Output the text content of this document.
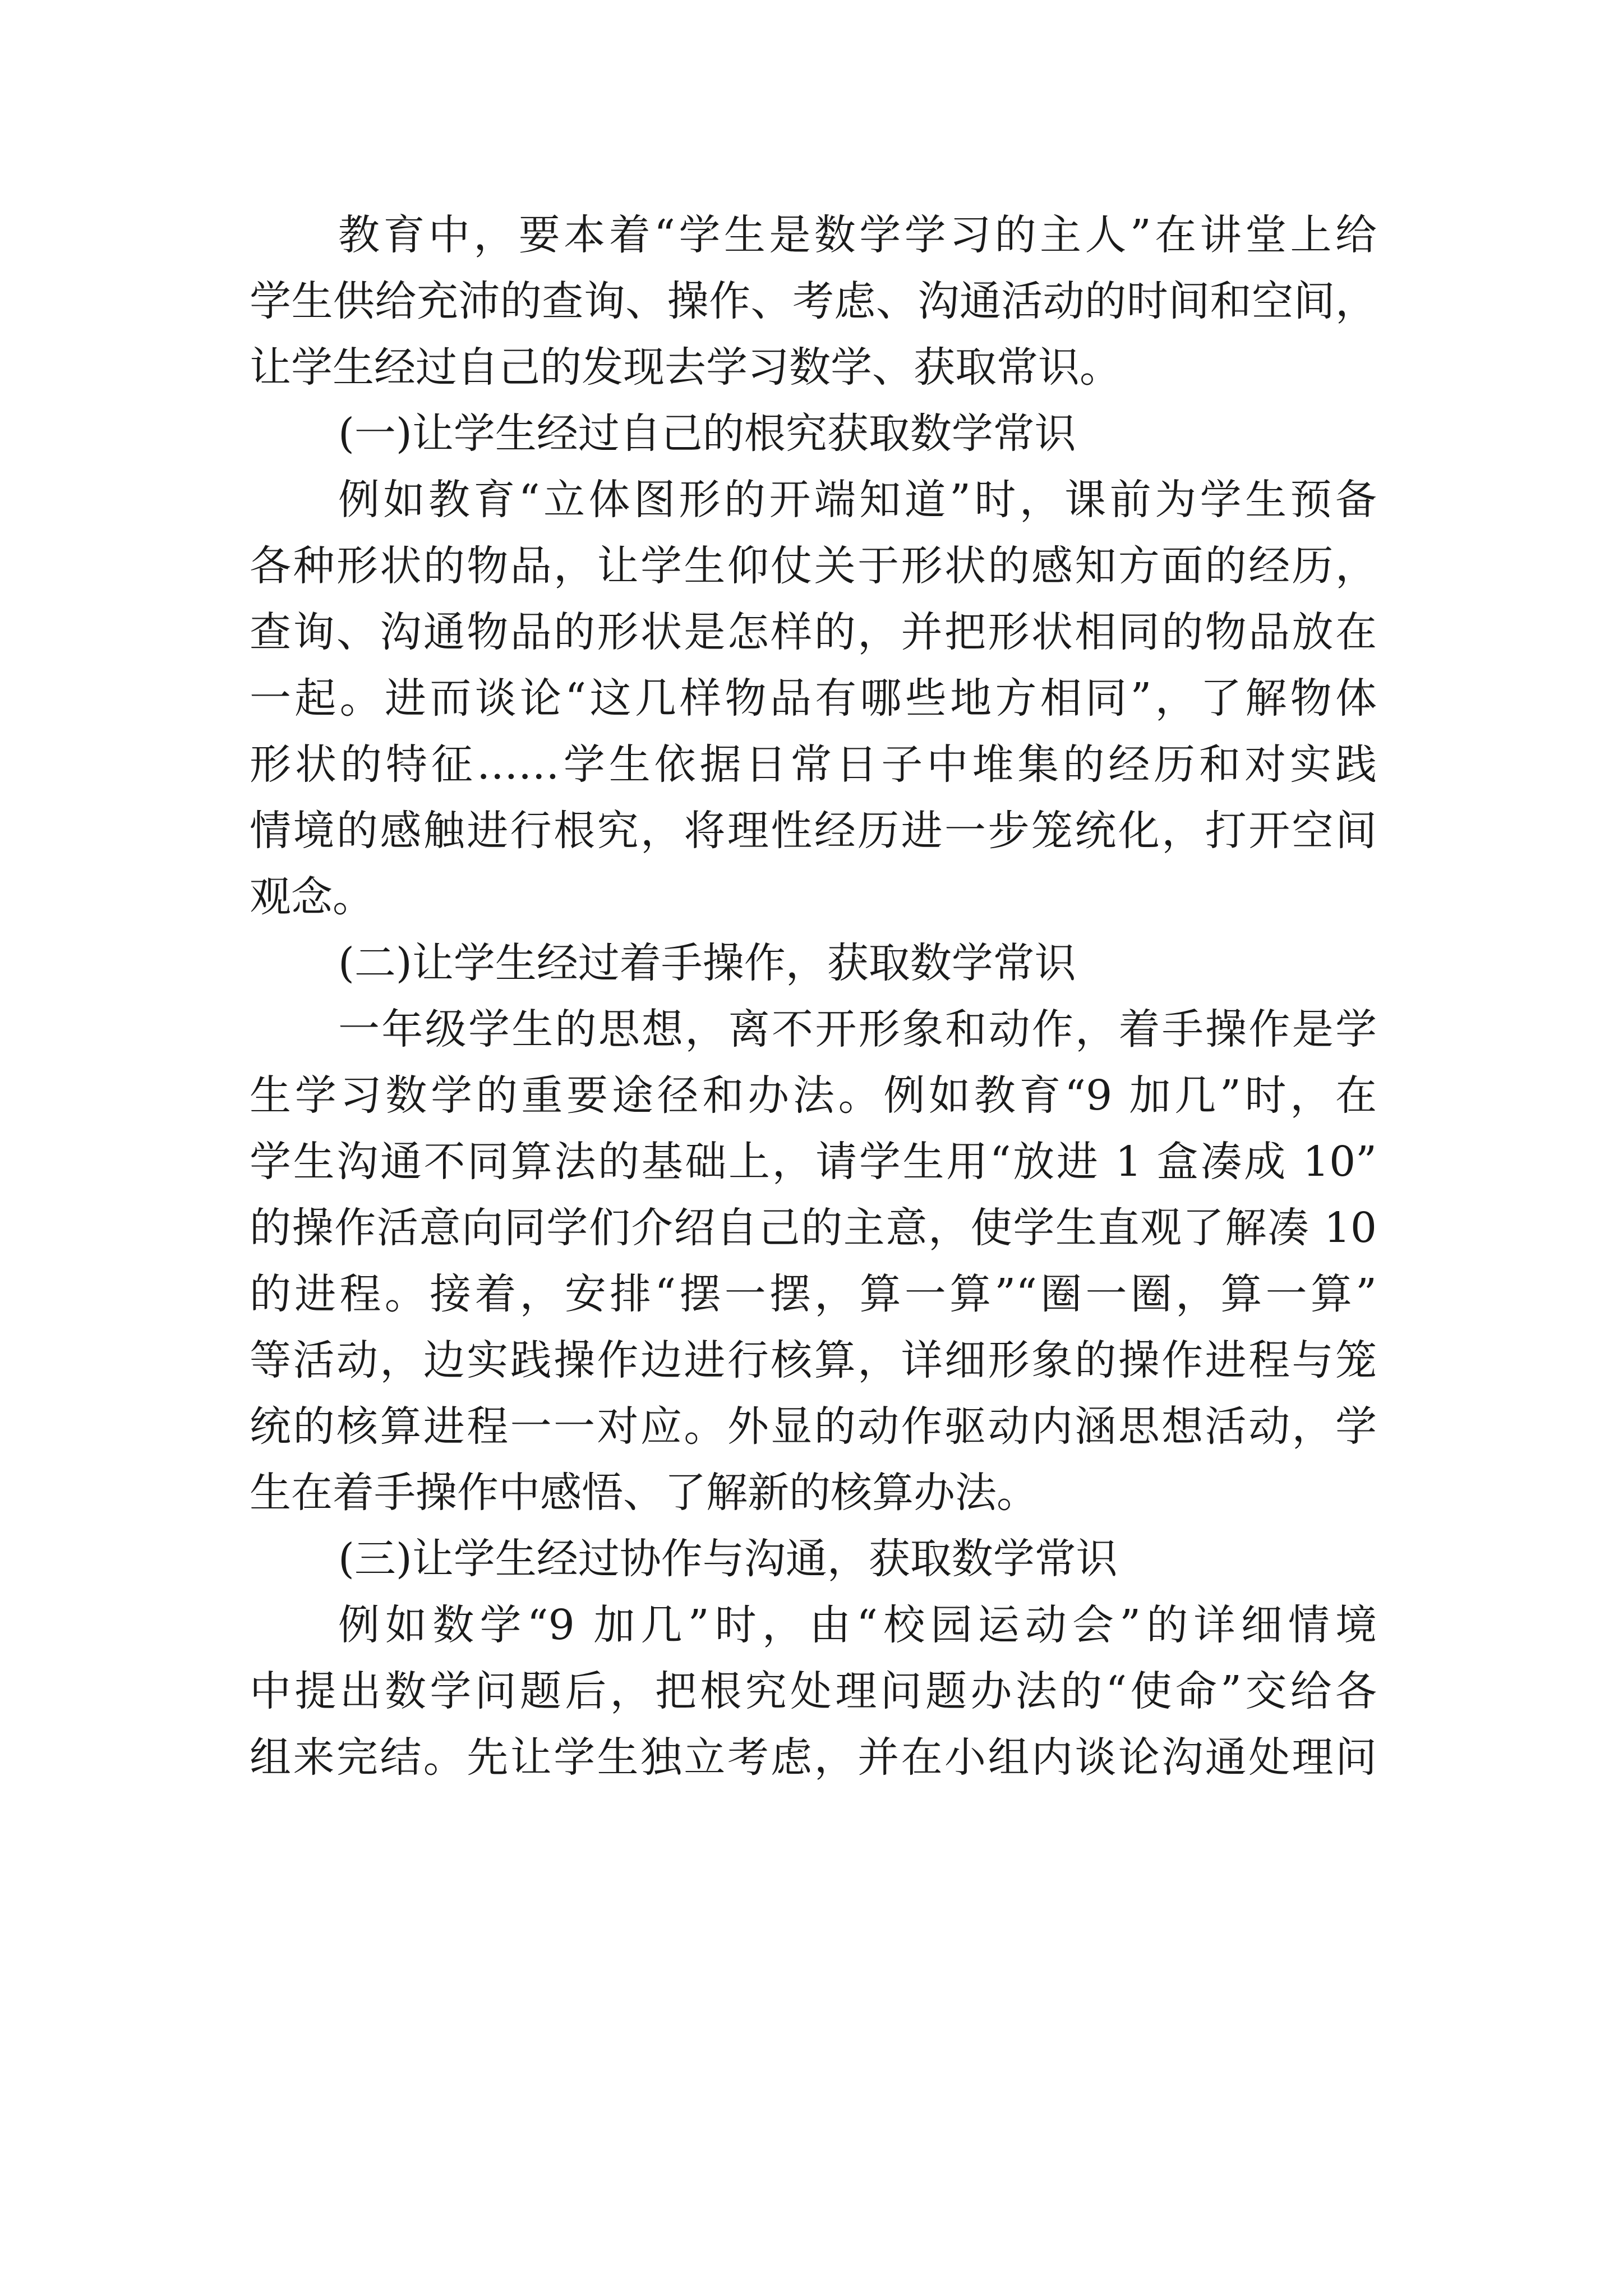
教育中，要本着“学生是数学学习的主人”在讲堂上给
学生供给充沛的查询、操作、考虑、沟通活动的时间和空间，
让学生经过自己的发现去学习数学、获取常识。
(一)让学生经过自己的根究获取数学常识
例如教育“立体图形的开端知道”时，课前为学生预备
各种形状的物品，让学生仰仗关于形状的感知方面的经历，
查询、沟通物品的形状是怎样的，并把形状相同的物品放在
一起。进而谈论“这几样物品有哪些地方相同”，了解物体
形状的特征……学生依据日常日子中堆集的经历和对实践
情境的感触进行根究，将理性经历进一步笼统化，打开空间
观念。
(二)让学生经过着手操作，获取数学常识
一年级学生的思想，离不开形象和动作，着手操作是学
生学习数学的重要途径和办法。例如教育“9 加几”时，在
学生沟通不同算法的基础上，请学生用“放进 1 盒凑成 10”
的操作活意向同学们介绍自己的主意，使学生直观了解凑 10
的进程。接着，安排“摆一摆，算一算”“圈一圈，算一算”
等活动，边实践操作边进行核算，详细形象的操作进程与笼
统的核算进程一一对应。外显的动作驱动内涵思想活动，学
生在着手操作中感悟、了解新的核算办法。
(三)让学生经过协作与沟通，获取数学常识
例如数学“9 加几”时，由“校园运动会”的详细情境
中提出数学问题后，把根究处理问题办法的“使命”交给各
组来完结。先让学生独立考虑，并在小组内谈论沟通处理问
